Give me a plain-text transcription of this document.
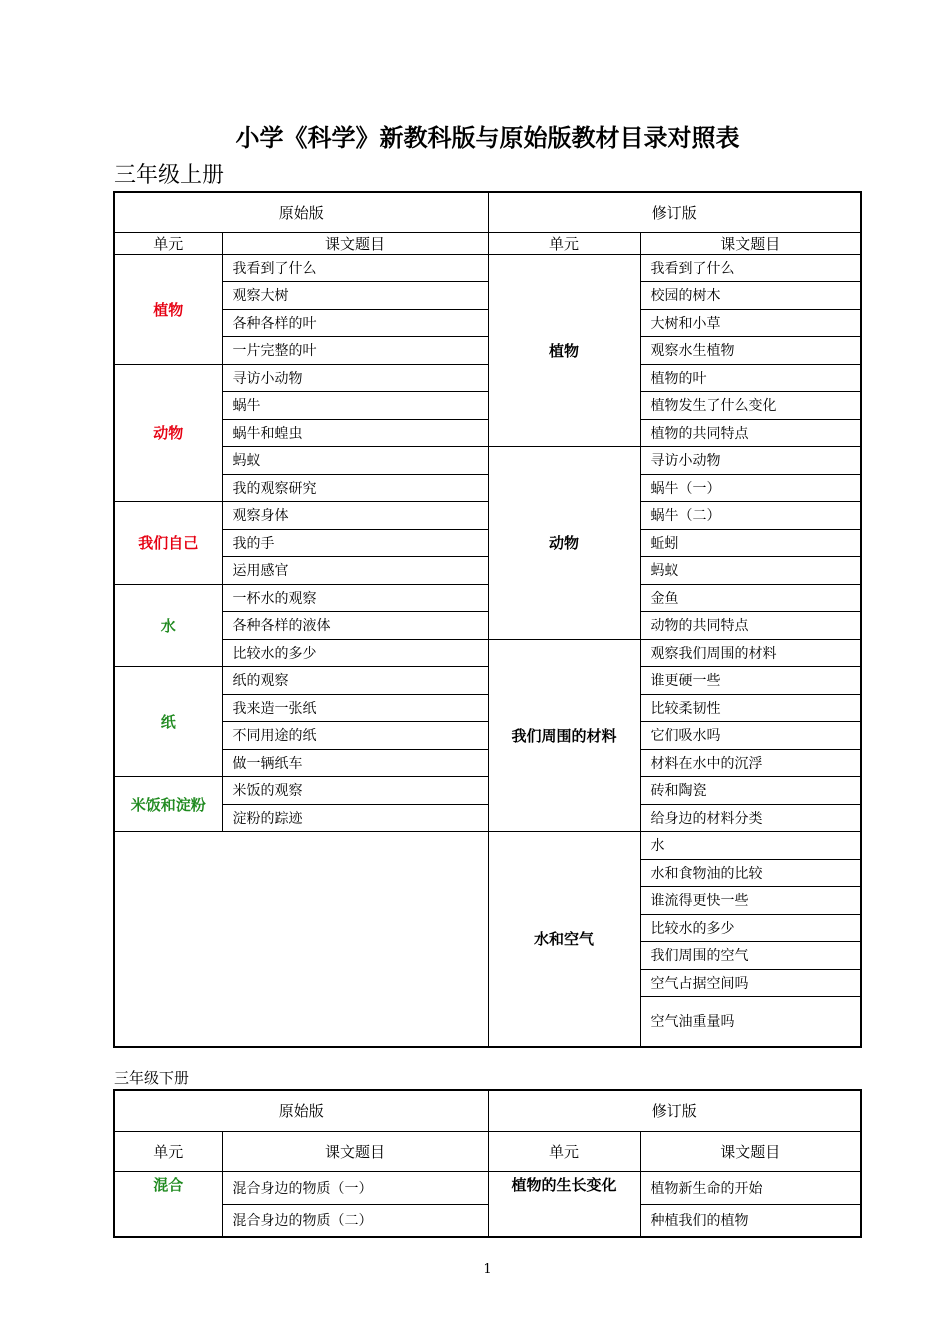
小学《科学》新教科版与原始版教材目录对照表
三年级上册
原始版		修订版	
单元	课文题目	单元	课文题目
植物	我看到了什么	植物	我看到了什么
	观察大树		校园的树木
	各种各样的叶		大树和小草
	一片完整的叶		观察水生植物
动物	寻访小动物		植物的叶
	蜗牛		植物发生了什么变化
	蜗牛和蝗虫		植物的共同特点
	蚂蚁	动物	寻访小动物
	我的观察研究		蜗牛（一）
我们自己	观察身体		蜗牛（二）
	我的手		蚯蚓
	运用感官		蚂蚁
水	一杯水的观察		金鱼
	各种各样的液体		动物的共同特点
	比较水的多少	我们周围的材料	观察我们周围的材料
纸	纸的观察		谁更硬一些
	我来造一张纸		比较柔韧性
	不同用途的纸		它们吸水吗
	做一辆纸车		材料在水中的沉浮
米饭和淀粉	米饭的观察		砖和陶瓷
	淀粉的踪迹		给身边的材料分类
		水和空气	水
			水和食物油的比较
			谁流得更快一些
			比较水的多少
			我们周围的空气
			空气占据空间吗
			空气油重量吗
三年级下册
原始版		修订版	
单元	课文题目	单元	课文题目
混合	混合身边的物质（一）	植物的生长变化	植物新生命的开始
	混合身边的物质（二）		种植我们的植物
1
